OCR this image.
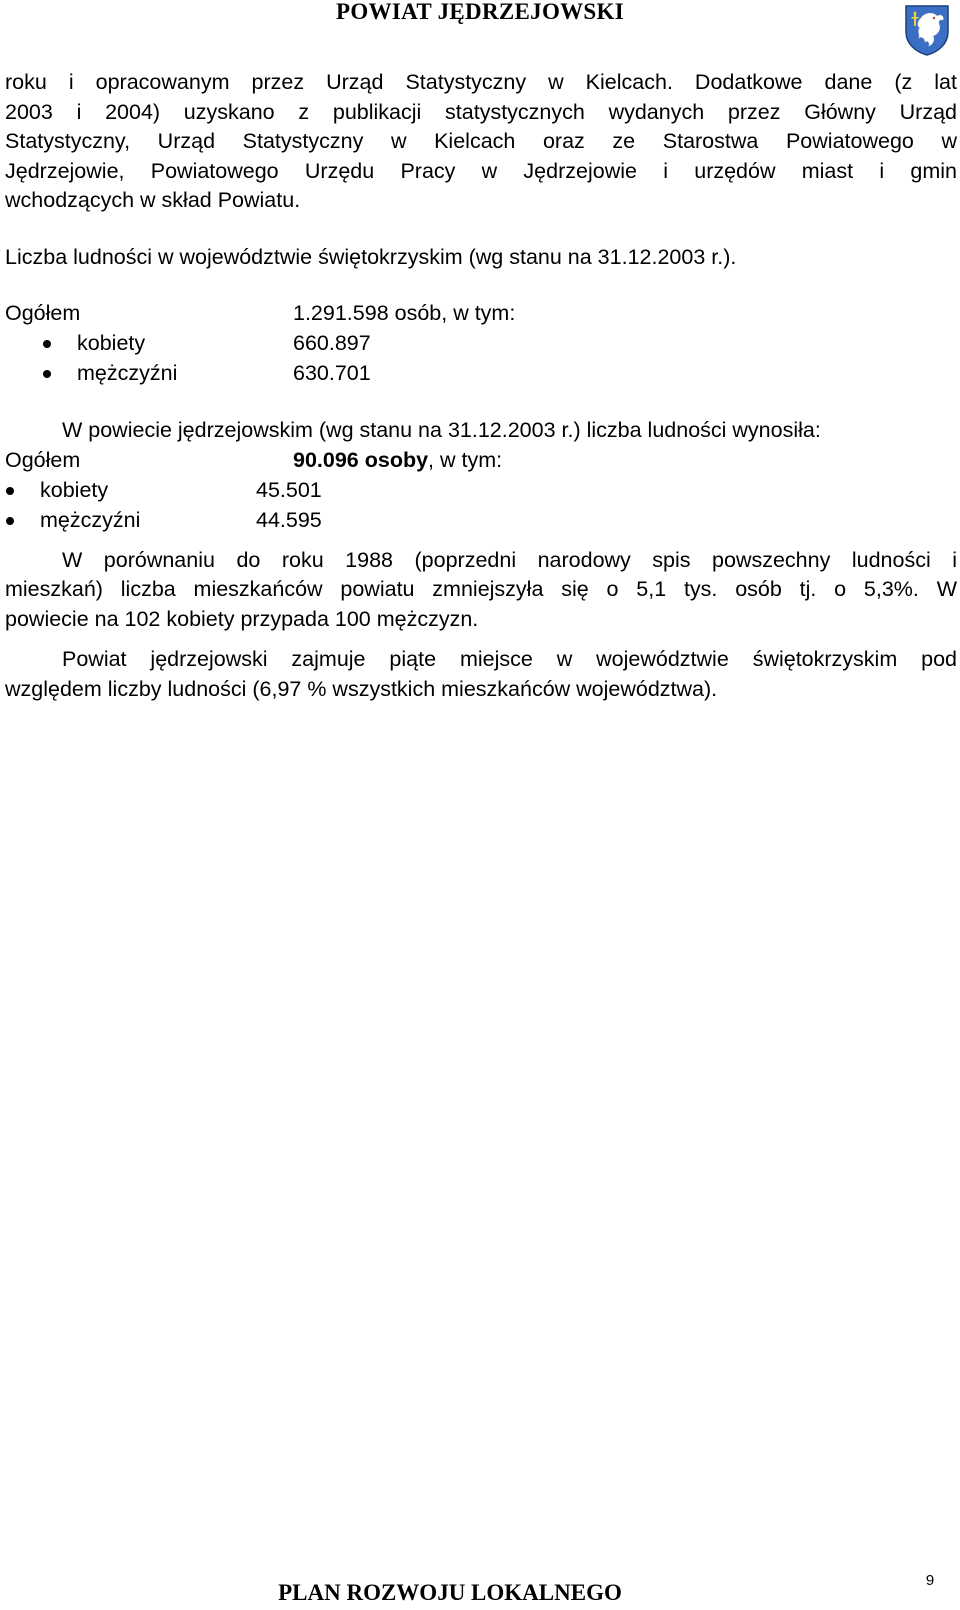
POWIAT JĘDRZEJOWSKI
roku i opracowanym przez Urząd Statystyczny w Kielcach. Dodatkowe dane (z lat
2003 i 2004) uzyskano z publikacji statystycznych wydanych przez Główny Urząd
Statystyczny, Urząd Statystyczny w Kielcach oraz ze Starostwa Powiatowego w
Jędrzejowie, Powiatowego Urzędu Pracy w Jędrzejowie i urzędów miast i gmin
wchodzących w skład Powiatu.
Liczba ludności w województwie świętokrzyskim (wg stanu na 31.12.2003 r.).
Ogółem	1.291.598 osób, w tym:
kobiety	660.897
mężczyźni	630.701
W powiecie jędrzejowskim (wg stanu na 31.12.2003 r.) liczba ludności wynosiła:
Ogółem	90.096 osoby, w tym:
kobiety	45.501
mężczyźni	44.595
W porównaniu do roku 1988 (poprzedni narodowy spis powszechny ludności i
mieszkań) liczba mieszkańców powiatu zmniejszyła się o 5,1 tys. osób tj. o 5,3%. W
powiecie na 102 kobiety przypada 100 mężczyzn.
Powiat jędrzejowski zajmuje piąte miejsce w województwie świętokrzyskim pod
względem liczby ludności (6,97 % wszystkich mieszkańców województwa).
PLAN ROZWOJU LOKALNEGO	9
